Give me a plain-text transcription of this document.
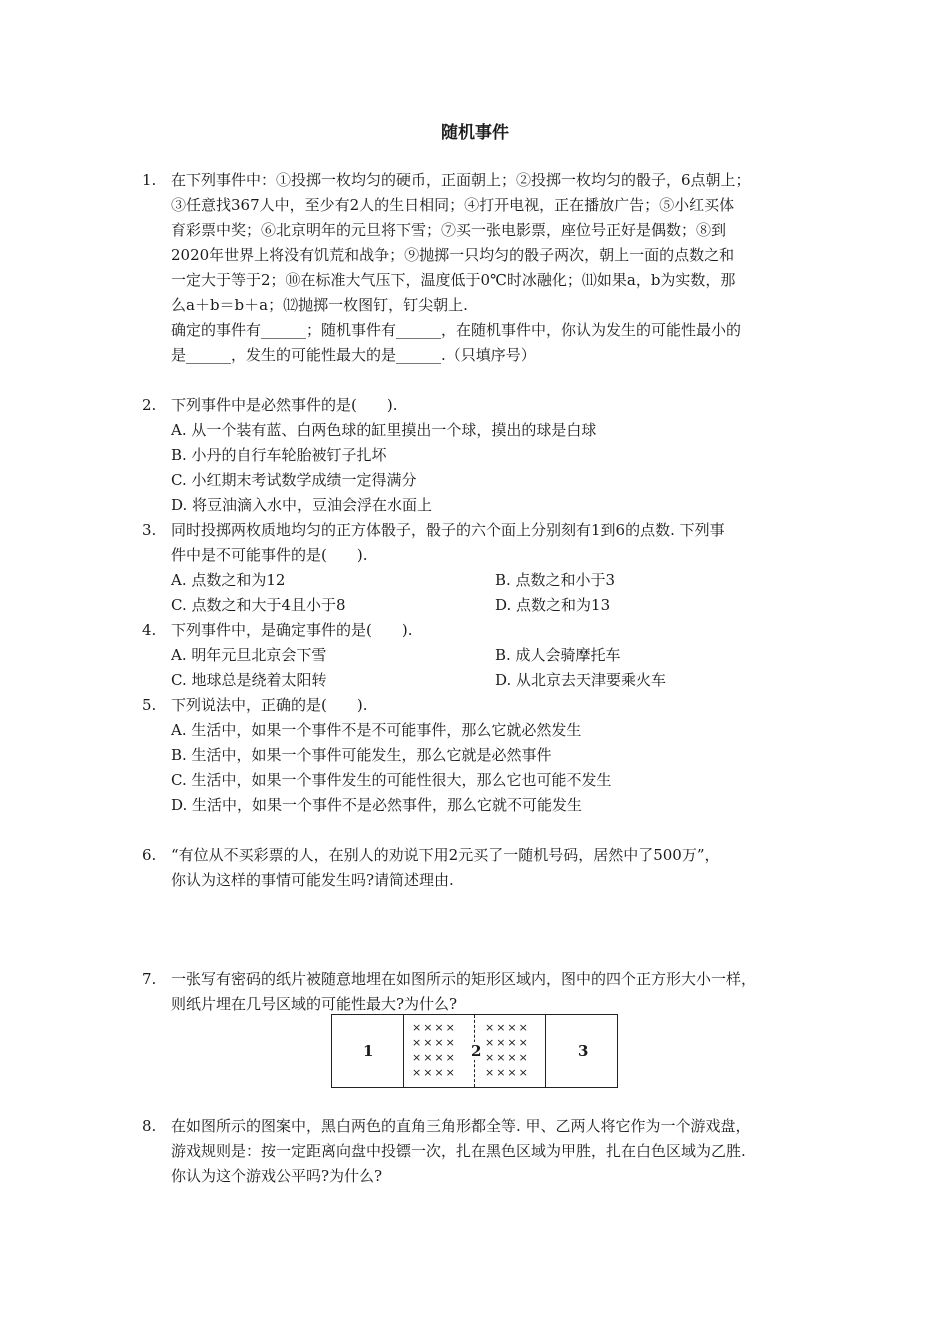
随机事件
1. 在下列事件中：①投掷一枚均匀的硬币，正面朝上；②投掷一枚均匀的骰子，6点朝上；
③任意找367人中，至少有2人的生日相同；④打开电视，正在播放广告；⑤小红买体
育彩票中奖；⑥北京明年的元旦将下雪；⑦买一张电影票，座位号正好是偶数；⑧到
2020年世界上将没有饥荒和战争；⑨抛掷一只均匀的骰子两次，朝上一面的点数之和
一定大于等于2；⑩在标准大气压下，温度低于0℃时冰融化；⑾如果a，b为实数，那
么a＋b＝b＋a；⑿抛掷一枚图钉，钉尖朝上.
确定的事件有______；随机事件有______，在随机事件中，你认为发生的可能性最小的
是______，发生的可能性最大的是______.（只填序号）
2. 下列事件中是必然事件的是(　　).
A. 从一个装有蓝、白两色球的缸里摸出一个球，摸出的球是白球
B. 小丹的自行车轮胎被钉子扎坏
C. 小红期末考试数学成绩一定得满分
D. 将豆油滴入水中，豆油会浮在水面上
3. 同时投掷两枚质地均匀的正方体骰子，骰子的六个面上分别刻有1到6的点数. 下列事
件中是不可能事件的是(　　).
A. 点数之和为12	B. 点数之和小于3
C. 点数之和大于4且小于8	D. 点数之和为13
4. 下列事件中，是确定事件的是(　　).
A. 明年元旦北京会下雪	B. 成人会骑摩托车
C. 地球总是绕着太阳转	D. 从北京去天津要乘火车
5. 下列说法中，正确的是(　　).
A. 生活中，如果一个事件不是不可能事件，那么它就必然发生
B. 生活中，如果一个事件可能发生，那么它就是必然事件
C. 生活中，如果一个事件发生的可能性很大，那么它也可能不发生
D. 生活中，如果一个事件不是必然事件，那么它就不可能发生
6. “有位从不买彩票的人，在别人的劝说下用2元买了一随机号码，居然中了500万”，
你认为这样的事情可能发生吗?请简述理由.
7. 一张写有密码的纸片被随意地埋在如图所示的矩形区域内，图中的四个正方形大小一样，
则纸片埋在几号区域的可能性最大?为什么?
1
××××
××××
××××
××××
××××
××××
××××
××××
2	3
8. 在如图所示的图案中，黑白两色的直角三角形都全等. 甲、乙两人将它作为一个游戏盘，
游戏规则是：按一定距离向盘中投镖一次，扎在黑色区域为甲胜，扎在白色区域为乙胜.
你认为这个游戏公平吗?为什么?
